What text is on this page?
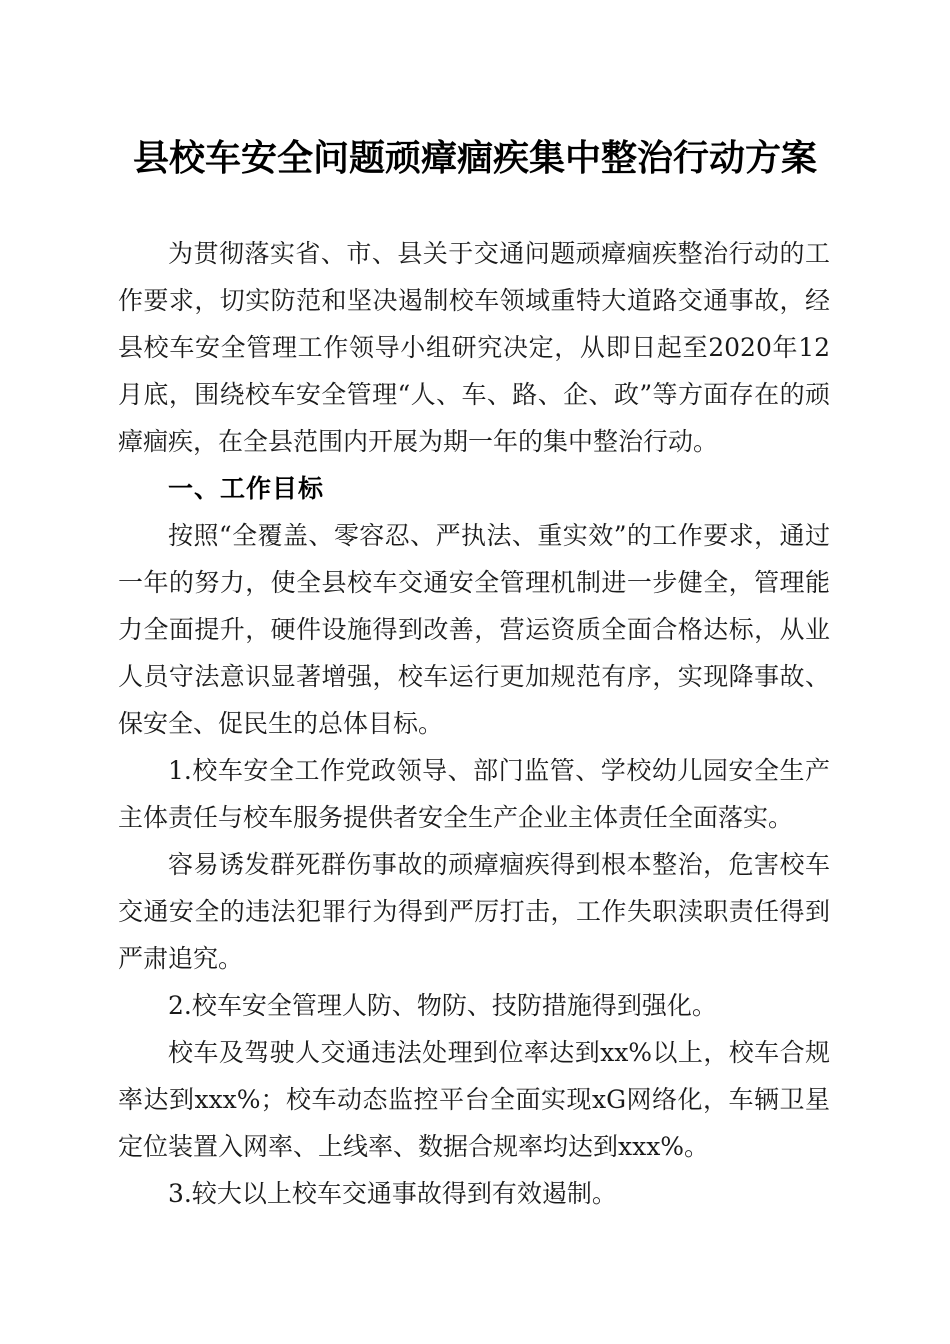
县校车安全问题顽瘴痼疾集中整治行动方案

为贯彻落实省、市、县关于交通问题顽瘴痼疾整治行动的工作要求，切实防范和坚决遏制校车领域重特大道路交通事故，经县校车安全管理工作领导小组研究决定，从即日起至2020年12月底，围绕校车安全管理“人、车、路、企、政”等方面存在的顽瘴痼疾，在全县范围内开展为期一年的集中整治行动。

一、工作目标

按照“全覆盖、零容忍、严执法、重实效”的工作要求，通过一年的努力，使全县校车交通安全管理机制进一步健全，管理能力全面提升，硬件设施得到改善，营运资质全面合格达标，从业人员守法意识显著增强，校车运行更加规范有序，实现降事故、保安全、促民生的总体目标。

1.校车安全工作党政领导、部门监管、学校幼儿园安全生产主体责任与校车服务提供者安全生产企业主体责任全面落实。

容易诱发群死群伤事故的顽瘴痼疾得到根本整治，危害校车交通安全的违法犯罪行为得到严厉打击，工作失职渎职责任得到严肃追究。

2.校车安全管理人防、物防、技防措施得到强化。

校车及驾驶人交通违法处理到位率达到xx%以上，校车合规率达到xxx%；校车动态监控平台全面实现xG网络化，车辆卫星定位装置入网率、上线率、数据合规率均达到xxx%。

3.较大以上校车交通事故得到有效遏制。
